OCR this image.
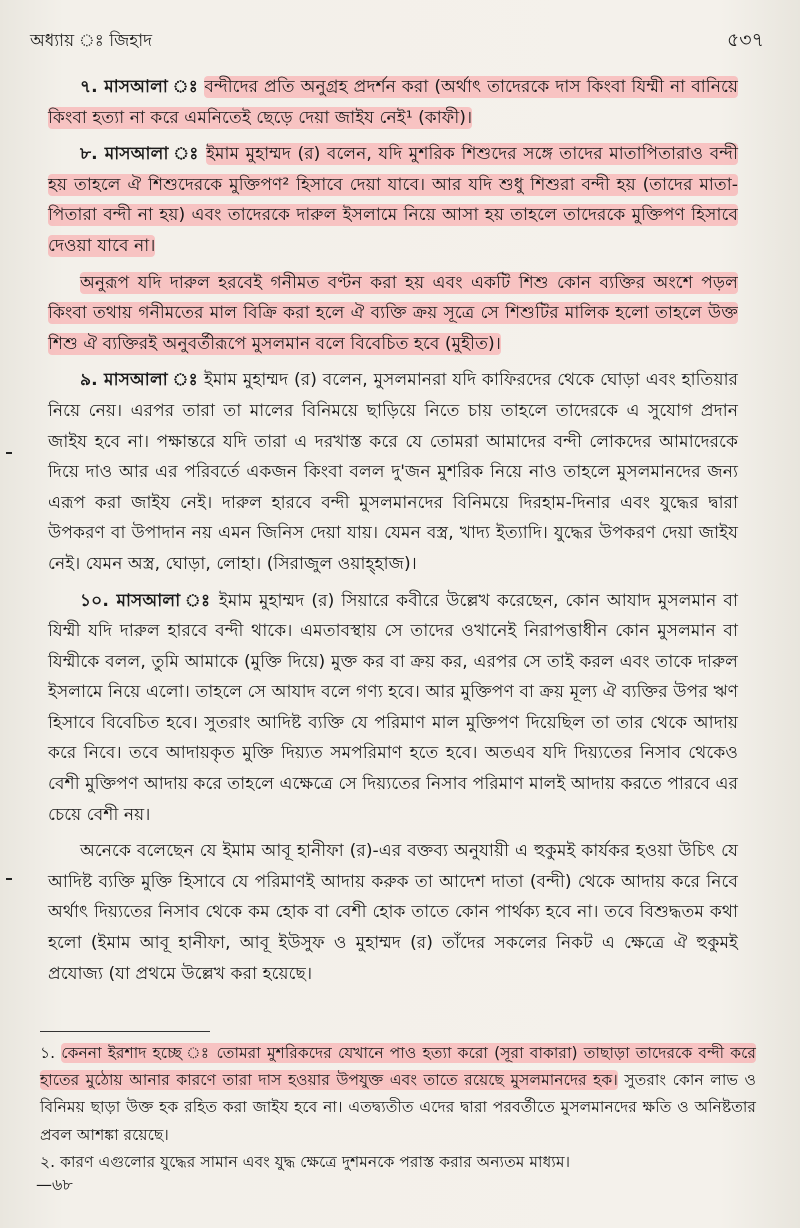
অধ্যায় ঃ জিহাদ	৫৩৭

৭. মাসআলা ঃ বন্দীদের প্রতি অনুগ্রহ প্রদর্শন করা (অর্থাৎ তাদেরকে দাস কিংবা যিম্মী না বানিয়ে কিংবা হত্যা না করে এমনিতেই ছেড়ে দেয়া জাইয নেই¹ (কাফী)।

৮. মাসআলা ঃ ইমাম মুহাম্মদ (র) বলেন, যদি মুশরিক শিশুদের সঙ্গে তাদের মাতাপিতারাও বন্দী হয় তাহলে ঐ শিশুদেরকে মুক্তিপণ² হিসাবে দেয়া যাবে। আর যদি শুধু শিশুরা বন্দী হয় (তাদের মাতা-পিতারা বন্দী না হয়) এবং তাদেরকে দারুল ইসলামে নিয়ে আসা হয় তাহলে তাদেরকে মুক্তিপণ হিসাবে দেওয়া যাবে না।

অনুরূপ যদি দারুল হরবেই গনীমত বণ্টন করা হয় এবং একটি শিশু কোন ব্যক্তির অংশে পড়ল কিংবা তথায় গনীমতের মাল বিক্রি করা হলে ঐ ব্যক্তি ক্রয় সূত্রে সে শিশুটির মালিক হলো তাহলে উক্ত শিশু ঐ ব্যক্তিরই অনুবর্তীরূপে মুসলমান বলে বিবেচিত হবে (মুহীত)।

৯. মাসআলা ঃ ইমাম মুহাম্মদ (র) বলেন, মুসলমানরা যদি কাফিরদের থেকে ঘোড়া এবং হাতিয়ার নিয়ে নেয়। এরপর তারা তা মালের বিনিময়ে ছাড়িয়ে নিতে চায় তাহলে তাদেরকে এ সুযোগ প্রদান জাইয হবে না। পক্ষান্তরে যদি তারা এ দরখাস্ত করে যে তোমরা আমাদের বন্দী লোকদের আমাদেরকে দিয়ে দাও আর এর পরিবর্তে একজন কিংবা বলল দু'জন মুশরিক নিয়ে নাও তাহলে মুসলমানদের জন্য এরূপ করা জাইয নেই। দারুল হারবে বন্দী মুসলমানদের বিনিময়ে দিরহাম-দিনার এবং যুদ্ধের দ্বারা উপকরণ বা উপাদান নয় এমন জিনিস দেয়া যায়। যেমন বস্ত্র, খাদ্য ইত্যাদি। যুদ্ধের উপকরণ দেয়া জাইয নেই। যেমন অস্ত্র, ঘোড়া, লোহা। (সিরাজুল ওয়াহ্হাজ)।

১০. মাসআলা ঃ ইমাম মুহাম্মদ (র) সিয়ারে কবীরে উল্লেখ করেছেন, কোন আযাদ মুসলমান বা যিম্মী যদি দারুল হারবে বন্দী থাকে। এমতাবস্থায় সে তাদের ওখানেই নিরাপত্তাধীন কোন মুসলমান বা যিম্মীকে বলল, তুমি আমাকে (মুক্তি দিয়ে) মুক্ত কর বা ক্রয় কর, এরপর সে তাই করল এবং তাকে দারুল ইসলামে নিয়ে এলো। তাহলে সে আযাদ বলে গণ্য হবে। আর মুক্তিপণ বা ক্রয় মূল্য ঐ ব্যক্তির উপর ঋণ হিসাবে বিবেচিত হবে। সুতরাং আদিষ্ট ব্যক্তি যে পরিমাণ মাল মুক্তিপণ দিয়েছিল তা তার থেকে আদায় করে নিবে। তবে আদায়কৃত মুক্তি দিয়্যত সমপরিমাণ হতে হবে। অতএব যদি দিয়্যতের নিসাব থেকেও বেশী মুক্তিপণ আদায় করে তাহলে এক্ষেত্রে সে দিয়্যতের নিসাব পরিমাণ মালই আদায় করতে পারবে এর চেয়ে বেশী নয়।

অনেকে বলেছেন যে ইমাম আবূ হানীফা (র)-এর বক্তব্য অনুযায়ী এ হুকুমই কার্যকর হওয়া উচিৎ যে আদিষ্ট ব্যক্তি মুক্তি হিসাবে যে পরিমাণই আদায় করুক তা আদেশ দাতা (বন্দী) থেকে আদায় করে নিবে অর্থাৎ দিয়্যতের নিসাব থেকে কম হোক বা বেশী হোক তাতে কোন পার্থক্য হবে না। তবে বিশুদ্ধতম কথা হলো (ইমাম আবূ হানীফা, আবূ ইউসুফ ও মুহাম্মদ (র) তাঁদের সকলের নিকট এ ক্ষেত্রে ঐ হুকুমই প্রযোজ্য (যা প্রথমে উল্লেখ করা হয়েছে।

১. কেননা ইরশাদ হচ্ছে ঃ তোমরা মুশরিকদের যেখানে পাও হত্যা করো (সূরা বাকারা) তাছাড়া তাদেরকে বন্দী করে হাতের মুঠোয় আনার কারণে তারা দাস হওয়ার উপযুক্ত এবং তাতে রয়েছে মুসলমানদের হক। সুতরাং কোন লাভ ও বিনিময় ছাড়া উক্ত হক রহিত করা জাইয হবে না। এতদ্ব্যতীত এদের দ্বারা পরবর্তীতে মুসলমানদের ক্ষতি ও অনিষ্টতার প্রবল আশঙ্কা রয়েছে।

২. কারণ এগুলোর যুদ্ধের সামান এবং যুদ্ধ ক্ষেত্রে দুশমনকে পরাস্ত করার অন্যতম মাধ্যম।

—৬৮
